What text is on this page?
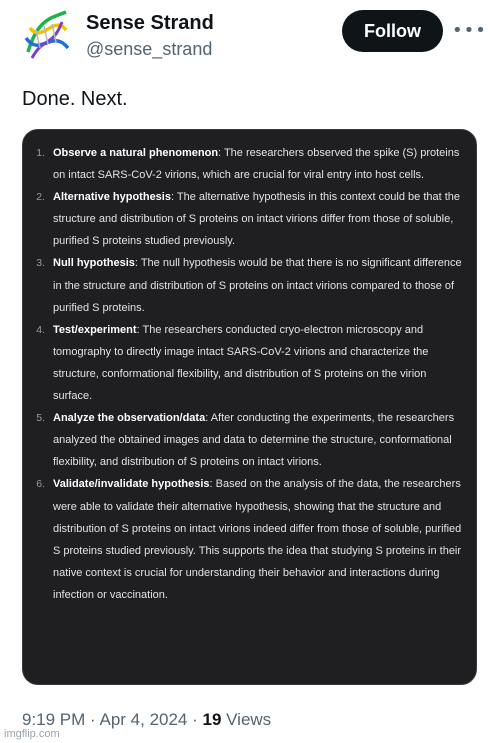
Sense Strand
@sense_strand
Follow	•••
Done. Next.
1. Observe a natural phenomenon: The researchers observed the spike (S) proteins on intact SARS-CoV-2 virions, which are crucial for viral entry into host cells.
2. Alternative hypothesis: The alternative hypothesis in this context could be that the structure and distribution of S proteins on intact virions differ from those of soluble, purified S proteins studied previously.
3. Null hypothesis: The null hypothesis would be that there is no significant difference in the structure and distribution of S proteins on intact virions compared to those of purified S proteins.
4. Test/experiment: The researchers conducted cryo-electron microscopy and tomography to directly image intact SARS-CoV-2 virions and characterize the structure, conformational flexibility, and distribution of S proteins on the virion surface.
5. Analyze the observation/data: After conducting the experiments, the researchers analyzed the obtained images and data to determine the structure, conformational flexibility, and distribution of S proteins on intact virions.
6. Validate/invalidate hypothesis: Based on the analysis of the data, the researchers were able to validate their alternative hypothesis, showing that the structure and distribution of S proteins on intact virions indeed differ from those of soluble, purified S proteins studied previously. This supports the idea that studying S proteins in their native context is crucial for understanding their behavior and interactions during infection or vaccination.
9:19 PM · Apr 4, 2024 · 19 Views
imgflip.com
